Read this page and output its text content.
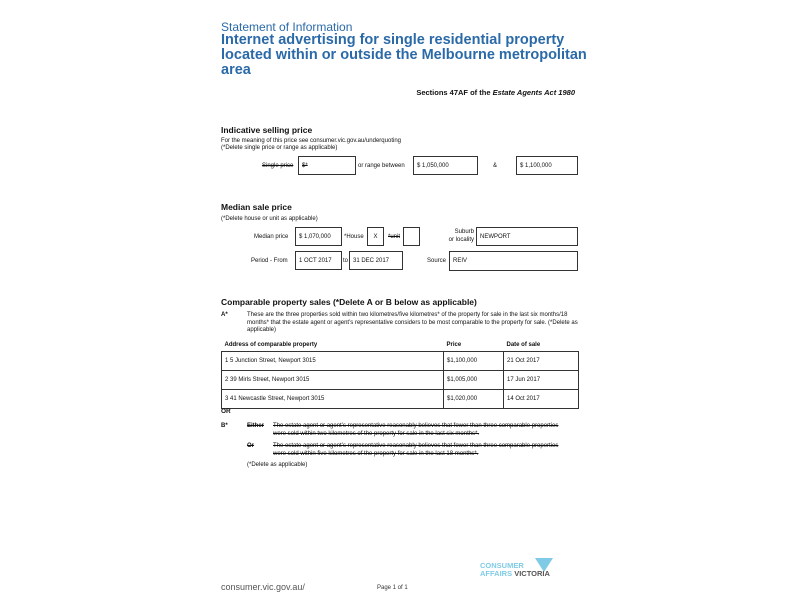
Statement of Information
Internet advertising for single residential property located within or outside the Melbourne metropolitan area
Sections 47AF of the Estate Agents Act 1980
Indicative selling price
For the meaning of this price see consumer.vic.gov.au/underquoting
(*Delete single price or range as applicable)
Single price $*	or range between $ 1,050,000	&	$ 1,100,000
Median sale price
(*Delete house or unit as applicable)
Median price $ 1,070,000 *House X *unit
Suburb
or locality
NEWPORT
Period - From 1 OCT 2017 to 31 DEC 2017	Source REIV
Comparable property sales (*Delete A or B below as applicable)
A*	These are the three properties sold within two kilometres/five kilometres* of the property for sale in the last six months/18 months* that the estate agent or agent’s representative considers to be most comparable to the property for sale. (*Delete as applicable)
Address of comparable property	Price	Date of sale
1 5 Junction Street, Newport 3015	$1,100,000	21 Oct 2017
2 39 Mirls Street, Newport 3015	$1,005,000	17 Jun 2017
3 41 Newcastle Street, Newport 3015	$1,020,000	14 Oct 2017
OR
B*	Either The estate agent or agent’s representative reasonably believes that fewer than three comparable properties were sold within two kilometres of the property for sale in the last six months*.
Or	The estate agent or agent’s representative reasonably believes that fewer than three comparable properties were sold within five kilometres of the property for sale in the last 18 months*.
(*Delete as applicable)
consumer.vic.gov.au/	Page 1 of 1
CONSUMER
AFFAIRS VICTORIA
